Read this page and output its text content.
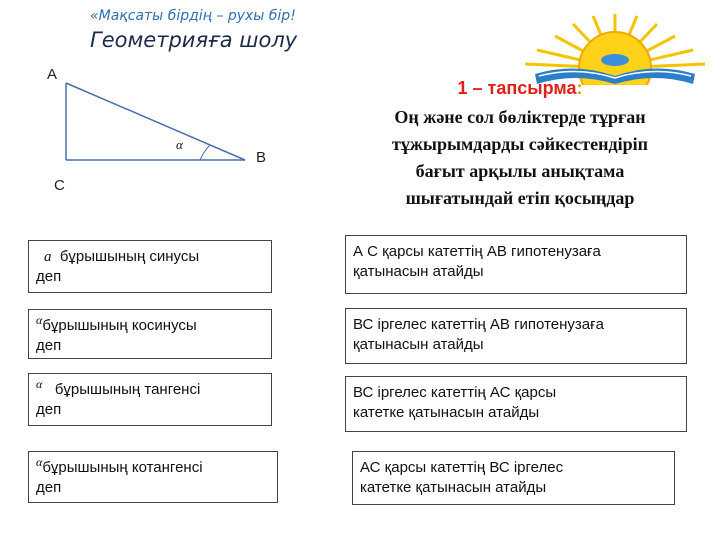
«Мақсаты бірдің – рухы бір!
Геометрияға шолу
A
B
C
α
1 – тапсырма:
Оң және сол бөліктерде тұрған
тұжырымдарды сәйкестендіріп
бағыт арқылы анықтама
шығатындай етіп қосыңдар
а бұрышының синусы
деп
$^\alpha$бұрышының косинусы
деп
$^\alpha$ бұрышының тангенсі
деп
$^\alpha$бұрышының котангенсі
деп
А С қарсы катеттің АВ гипотенузаға
қатынасын атайды
ВС іргелес катеттің АВ гипотенузаға
қатынасын атайды
ВС іргелес катеттің АС қарсы
катетке қатынасын атайды
АС қарсы катеттің ВС іргелес
катетке қатынасын атайды
